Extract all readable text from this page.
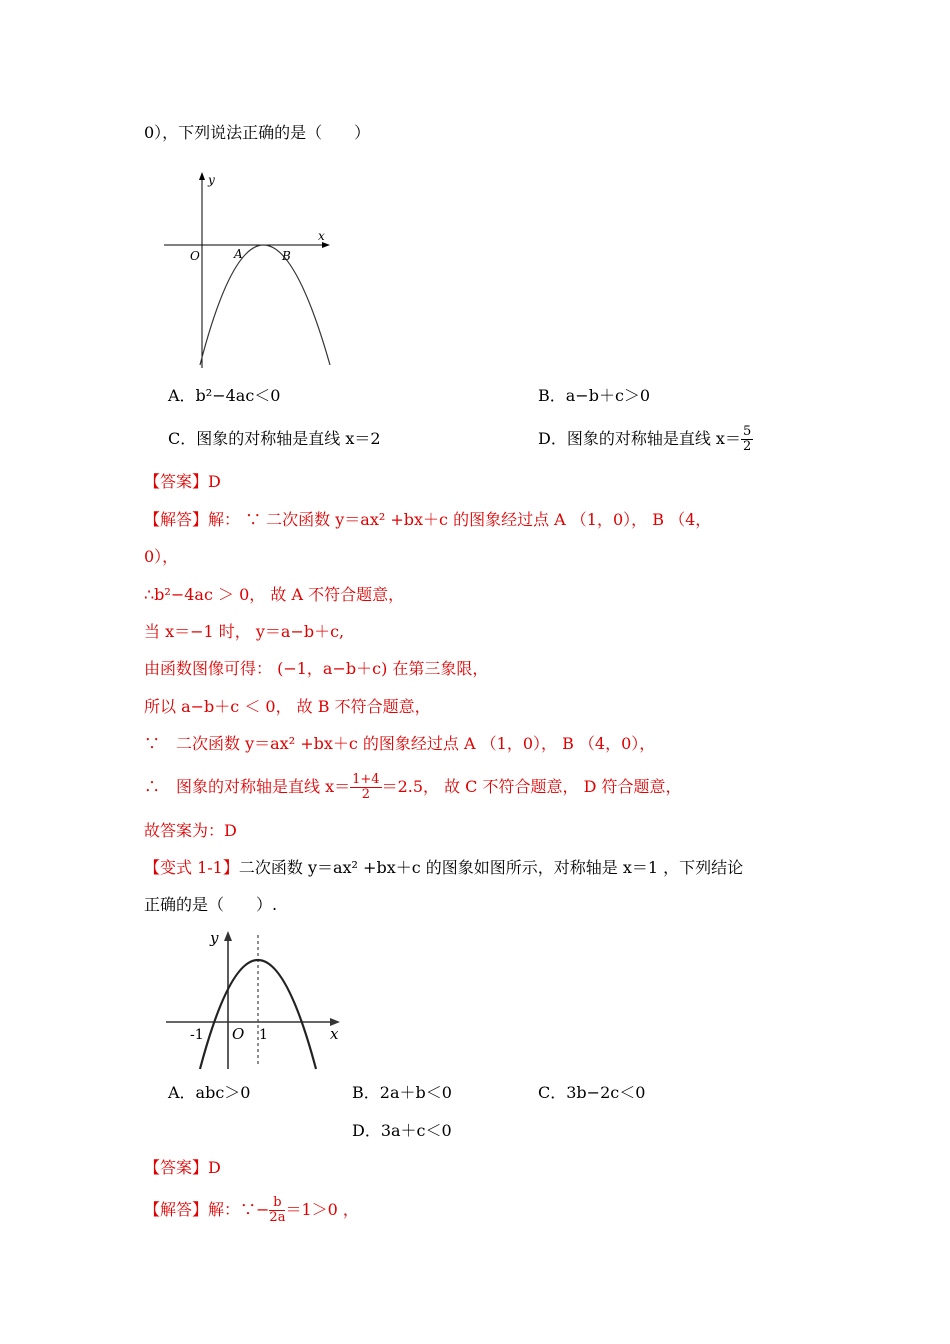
0），下列说法正确的是（　　）
y
x
O	A	B
A．b²−4ac＜0	B．a−b＋c＞0
C．图象的对称轴是直线 x＝2	D．图象的对称轴是直线 $x= \frac{5}{2}$
【答案】D
【解答】解： ∵ 二次函数 y＝ax² +bx＋c 的图象经过点 A （1，0）， B （4，
0），
∴b²−4ac ＞ 0， 故 A 不符合题意，
当 x＝−1 时， y＝a−b＋c,
由函数图像可得： (−1，a−b＋c) 在第三象限，
所以 a−b＋c ＜ 0， 故 B 不符合题意，
∵　二次函数 y＝ax² +bx＋c 的图象经过点 A （1，0）， B （4，0），
∴　图象的对称轴是直线 $x= \frac{1+4}{2} =2.5$， 故 C 不符合题意， D 符合题意，
故答案为：D
【变式 1-1】二次函数 y＝ax² +bx＋c 的图象如图所示，对称轴是 x＝1 ，下列结论
正确的是（　　）.
y
x
O
-1	1
A．abc＞0	B．2a＋b＜0	C．3b−2c＜0
D．3a＋c＜0
【答案】D
【解答】解：∵− $\frac{b}{2a} =1>0$ ，
